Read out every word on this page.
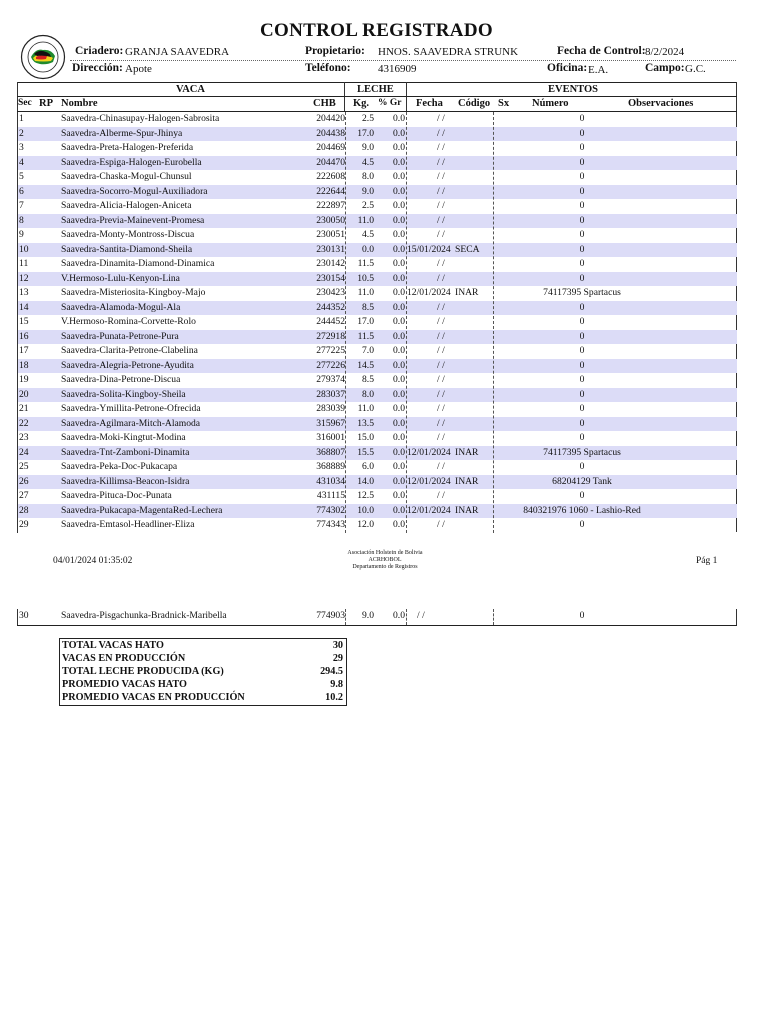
CONTROL REGISTRADO
Criadero: GRANJA SAAVEDRA	Propietario: HNOS. SAAVEDRA STRUNK	Fecha de Control: 8/2/2024
Dirección: Apote	Teléfono: 4316909	Oficina: E.A.	Campo: G.C.
VACA	LECHE	EVENTOS
Sec RP Nombre	CHB Kg. % Gr Fecha Código Sx Número	Observaciones
1	Saavedra-Chinasupay-Halogen-Sabrosita	204420	2.5	0.0	/ /	0
2	Saavedra-Alberme-Spur-Jhinya	204438	17.0	0.0	/ /	0
3	Saavedra-Preta-Halogen-Preferida	204469	9.0	0.0	/ /	0
4	Saavedra-Espiga-Halogen-Eurobella	204470	4.5	0.0	/ /	0
5	Saavedra-Chaska-Mogul-Chunsul	222608	8.0	0.0	/ /	0
6	Saavedra-Socorro-Mogul-Auxiliadora	222644	9.0	0.0	/ /	0
7	Saavedra-Alicia-Halogen-Aniceta	222897	2.5	0.0	/ /	0
8	Saavedra-Previa-Mainevent-Promesa	230050	11.0	0.0	/ /	0
9	Saavedra-Monty-Montross-Discua	230051	4.5	0.0	/ /	0
10	Saavedra-Santita-Diamond-Sheila	230131	0.0	0.0 15/01/2024 SECA	0
11	Saavedra-Dinamita-Diamond-Dinamica	230142	11.5	0.0	/ /	0
12	V.Hermoso-Lulu-Kenyon-Lina	230154	10.5	0.0	/ /	0
13	Saavedra-Misteriosita-Kingboy-Majo	230423	11.0	0.0 12/01/2024 INAR	74117395 Spartacus
14	Saavedra-Alamoda-Mogul-Ala	244352	8.5	0.0	/ /	0
15	V.Hermoso-Romina-Corvette-Rolo	244452	17.0	0.0	/ /	0
16	Saavedra-Punata-Petrone-Pura	272918	11.5	0.0	/ /	0
17	Saavedra-Clarita-Petrone-Clabelina	277225	7.0	0.0	/ /	0
18	Saavedra-Alegria-Petrone-Ayudita	277226	14.5	0.0	/ /	0
19	Saavedra-Dina-Petrone-Discua	279374	8.5	0.0	/ /	0
20	Saavedra-Solita-Kingboy-Sheila	283037	8.0	0.0	/ /	0
21	Saavedra-Ymillita-Petrone-Ofrecida	283039	11.0	0.0	/ /	0
22	Saavedra-Agilmara-Mitch-Alamoda	315967	13.5	0.0	/ /	0
23	Saavedra-Moki-Kingtut-Modina	316001	15.0	0.0	/ /	0
24	Saavedra-Tnt-Zamboni-Dinamita	368807	15.5	0.0 12/01/2024 INAR	74117395 Spartacus
25	Saavedra-Peka-Doc-Pukacapa	368889	6.0	0.0	/ /	0
26	Saavedra-Killimsa-Beacon-Isidra	431034	14.0	0.0 12/01/2024 INAR	68204129 Tank
27	Saavedra-Pituca-Doc-Punata	431115	12.5	0.0	/ /	0
28	Saavedra-Pukacapa-MagentaRed-Lechera	774302	10.0	0.0 12/01/2024 INAR	840321976 1060 - Lashio-Red
29	Saavedra-Emtasol-Headliner-Eliza	774343	12.0	0.0	/ /	0
04/01/2024 01:35:02
Asociación Holstein de Bolivia
ACRHOBOL
Departamento de Registros
Pág 1
30	Saavedra-Pisgachunka-Bradnick-Maribella	774903	9.0	0.0 / /	0
TOTAL VACAS HATO	30
VACAS EN PRODUCCIÓN	29
TOTAL LECHE PRODUCIDA (KG)	294.5
PROMEDIO VACAS HATO	9.8
PROMEDIO VACAS EN PRODUCCIÓN	10.2
